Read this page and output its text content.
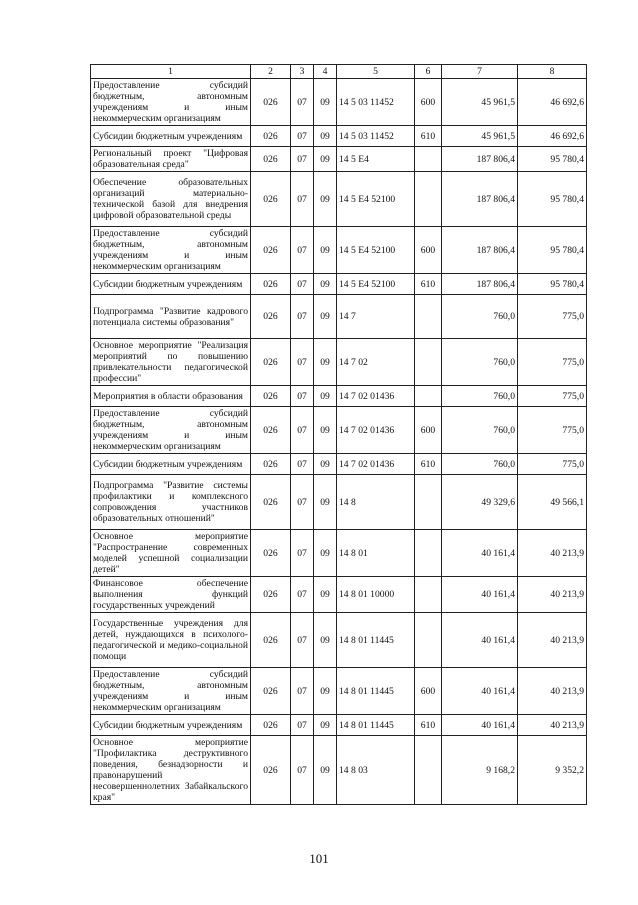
1	2	3	4	5	6	7	8
Предоставление субсидий бюджетным, автономным учреждениям и иным некоммерческим организациям	026	07	09	14 5 03 11452	600	45 961,5	46 692,6
Субсидии бюджетным учреждениям	026	07	09	14 5 03 11452	610	45 961,5	46 692,6
Региональный проект "Цифровая образовательная среда"	026	07	09	14 5 E4		187 806,4	95 780,4
Обеспечение образовательных организаций материально-технической базой для внедрения цифровой образовательной среды	026	07	09	14 5 E4 52100		187 806,4	95 780,4
Предоставление субсидий бюджетным, автономным учреждениям и иным некоммерческим организациям	026	07	09	14 5 E4 52100	600	187 806,4	95 780,4
Субсидии бюджетным учреждениям	026	07	09	14 5 E4 52100	610	187 806,4	95 780,4
Подпрограмма "Развитие кадрового потенциала системы образования"	026	07	09	14 7		760,0	775,0
Основное мероприятие "Реализация мероприятий по повышению привлекательности педагогической профессии"	026	07	09	14 7 02		760,0	775,0
Мероприятия в области образования	026	07	09	14 7 02 01436		760,0	775,0
Предоставление субсидий бюджетным, автономным учреждениям и иным некоммерческим организациям	026	07	09	14 7 02 01436	600	760,0	775,0
Субсидии бюджетным учреждениям	026	07	09	14 7 02 01436	610	760,0	775,0
Подпрограмма "Развитие системы профилактики и комплексного сопровождения участников образовательных отношений"	026	07	09	14 8		49 329,6	49 566,1
Основное мероприятие "Распространение современных моделей успешной социализации детей"	026	07	09	14 8 01		40 161,4	40 213,9
Финансовое обеспечение выполнения функций государственных учреждений	026	07	09	14 8 01 10000		40 161,4	40 213,9
Государственные учреждения для детей, нуждающихся в психолого-педагогической и медико-социальной помощи	026	07	09	14 8 01 11445		40 161,4	40 213,9
Предоставление субсидий бюджетным, автономным учреждениям и иным некоммерческим организациям	026	07	09	14 8 01 11445	600	40 161,4	40 213,9
Субсидии бюджетным учреждениям	026	07	09	14 8 01 11445	610	40 161,4	40 213,9
Основное мероприятие "Профилактика деструктивного поведения, безнадзорности и правонарушений несовершеннолетних Забайкальского края"	026	07	09	14 8 03		9 168,2	9 352,2
101
